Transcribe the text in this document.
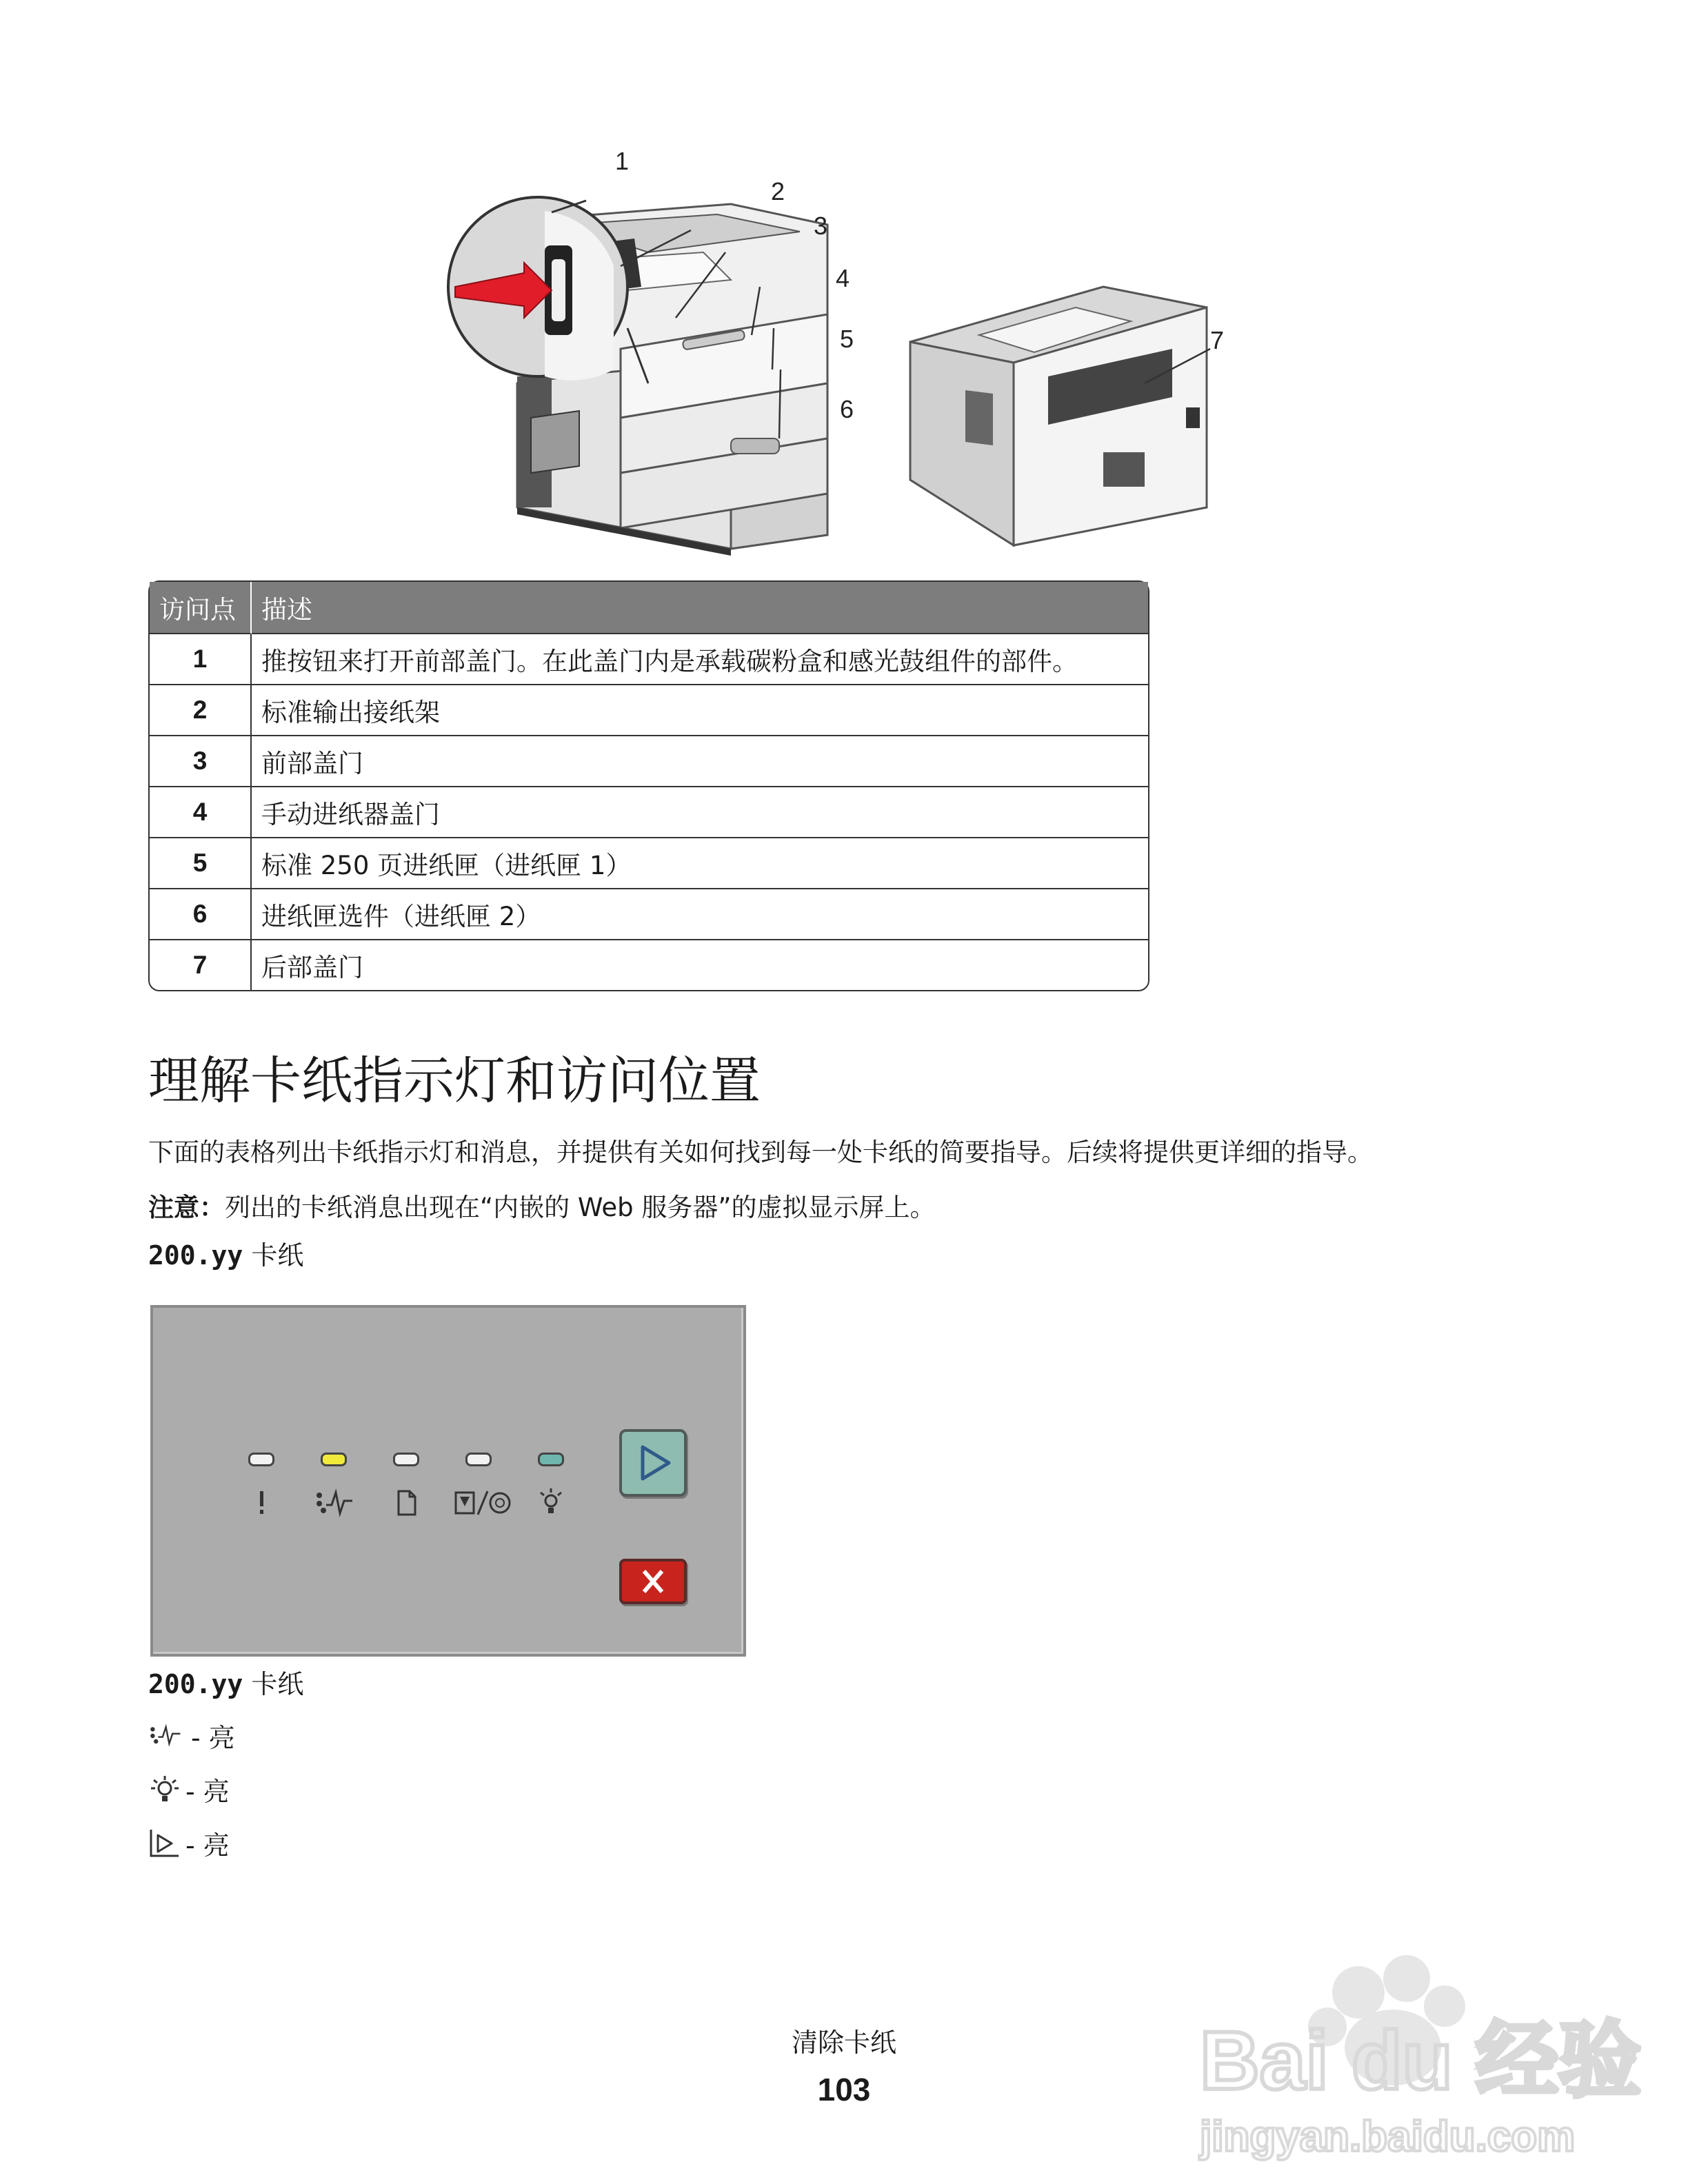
1
2
3
4
5
6
7
访问点	描述
1	推按钮来打开前部盖门。在此盖门内是承载碳粉盒和感光鼓组件的部件。
2	标准输出接纸架
3	前部盖门
4	手动进纸器盖门
5	标准 250 页进纸匣（进纸匣 1）
6	进纸匣选件（进纸匣 2）
7	后部盖门
理解卡纸指示灯和访问位置
下面的表格列出卡纸指示灯和消息，并提供有关如何找到每一处卡纸的简要指导。后续将提供更详细的指导。
注意：列出的卡纸消息出现在“内嵌的 Web 服务器”的虚拟显示屏上。
200.yy 卡纸
200.yy 卡纸
- 亮
- 亮
- 亮
清除卡纸
103	Bai du 经验
jingyan.baidu.com
